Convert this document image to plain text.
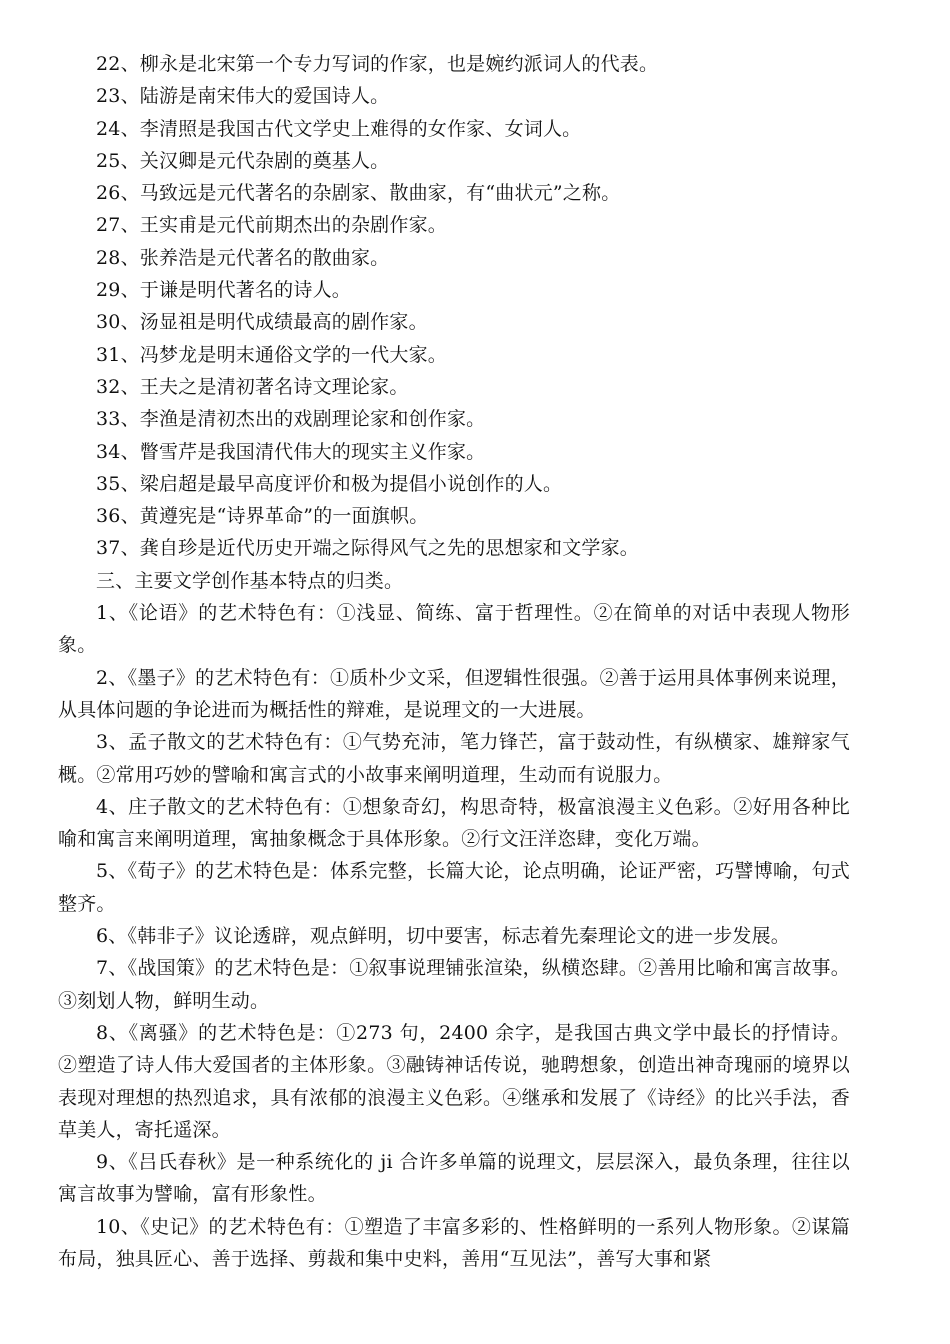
22、柳永是北宋第一个专力写词的作家，也是婉约派词人的代表。

23、陆游是南宋伟大的爱国诗人。

24、李清照是我国古代文学史上难得的女作家、女词人。

25、关汉卿是元代杂剧的奠基人。

26、马致远是元代著名的杂剧家、散曲家，有“曲状元”之称。

27、王实甫是元代前期杰出的杂剧作家。

28、张养浩是元代著名的散曲家。

29、于谦是明代著名的诗人。

30、汤显祖是明代成绩最高的剧作家。

31、冯梦龙是明末通俗文学的一代大家。

32、王夫之是清初著名诗文理论家。

33、李渔是清初杰出的戏剧理论家和创作家。

34、瞥雪芹是我国清代伟大的现实主义作家。

35、梁启超是最早高度评价和极为提倡小说创作的人。

36、黄遵宪是“诗界革命”的一面旗帜。

37、龚自珍是近代历史开端之际得风气之先的思想家和文学家。

三、主要文学创作基本特点的归类。

1、《论语》的艺术特色有：①浅显、简练、富于哲理性。②在简单的对话中表现人物形象。

2、《墨子》的艺术特色有：①质朴少文采，但逻辑性很强。②善于运用具体事例来说理，从具体问题的争论进而为概括性的辩难，是说理文的一大进展。

3、孟子散文的艺术特色有：①气势充沛，笔力锋芒，富于鼓动性，有纵横家、雄辩家气概。②常用巧妙的譬喻和寓言式的小故事来阐明道理，生动而有说服力。

4、庄子散文的艺术特色有：①想象奇幻，构思奇特，极富浪漫主义色彩。②好用各种比喻和寓言来阐明道理，寓抽象概念于具体形象。②行文汪洋恣肆，变化万端。

5、《荀子》的艺术特色是：体系完整，长篇大论，论点明确，论证严密，巧譬博喻，句式整齐。

6、《韩非子》议论透辟，观点鲜明，切中要害，标志着先秦理论文的进一步发展。

7、《战国策》的艺术特色是：①叙事说理铺张渲染，纵横恣肆。②善用比喻和寓言故事。③刻划人物，鲜明生动。

8、《离骚》的艺术特色是：①273 句，2400 余字，是我国古典文学中最长的抒情诗。②塑造了诗人伟大爱国者的主体形象。③融铸神话传说，驰聘想象，创造出神奇瑰丽的境界以表现对理想的热烈追求，具有浓郁的浪漫主义色彩。④继承和发展了《诗经》的比兴手法，香草美人，寄托遥深。

9、《吕氏春秋》是一种系统化的 ji 合许多单篇的说理文，层层深入，最负条理，往往以寓言故事为譬喻，富有形象性。

10、《史记》的艺术特色有：①塑造了丰富多彩的、性格鲜明的一系列人物形象。②谋篇布局，独具匠心、善于选择、剪裁和集中史料，善用“互见法”，善写大事和紧
